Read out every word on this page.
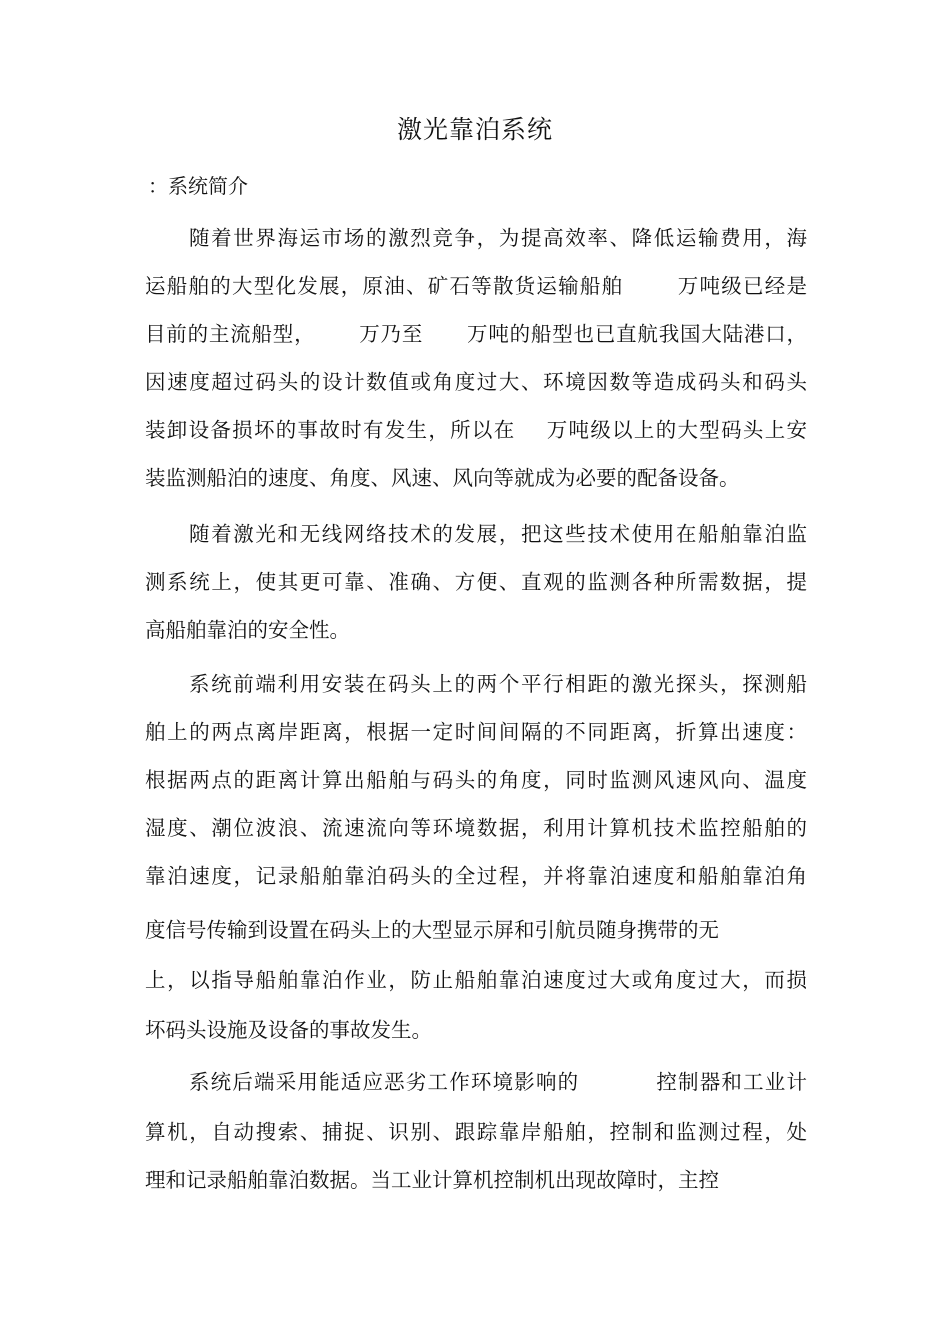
激光靠泊系统
：系统简介
随着世界海运市场的激烈竞争，为提高效率、降低运输费用，海
运船舶的大型化发展，原油、矿石等散货运输船舶       万吨级已经是
目前的主流船型，      万乃至      万吨的船型也已直航我国大陆港口，
因速度超过码头的设计数值或角度过大、环境因数等造成码头和码头
装卸设备损坏的事故时有发生，所以在    万吨级以上的大型码头上安
装监测船泊的速度、角度、风速、风向等就成为必要的配备设备。
随着激光和无线网络技术的发展，把这些技术使用在船舶靠泊监
测系统上，使其更可靠、准确、方便、直观的监测各种所需数据，提
高船舶靠泊的安全性。
系统前端利用安装在码头上的两个平行相距的激光探头，探测船
舶上的两点离岸距离，根据一定时间间隔的不同距离，折算出速度：
根据两点的距离计算出船舶与码头的角度，同时监测风速风向、温度
湿度、潮位波浪、流速流向等环境数据，利用计算机技术监控船舶的
靠泊速度，记录船舶靠泊码头的全过程，并将靠泊速度和船舶靠泊角
度信号传输到设置在码头上的大型显示屏和引航员随身携带的无
上，以指导船舶靠泊作业，防止船舶靠泊速度过大或角度过大，而损
坏码头设施及设备的事故发生。
系统后端采用能适应恶劣工作环境影响的          控制器和工业计
算机，自动搜索、捕捉、识别、跟踪靠岸船舶，控制和监测过程，处
理和记录船舶靠泊数据。当工业计算机控制机出现故障时，主控
